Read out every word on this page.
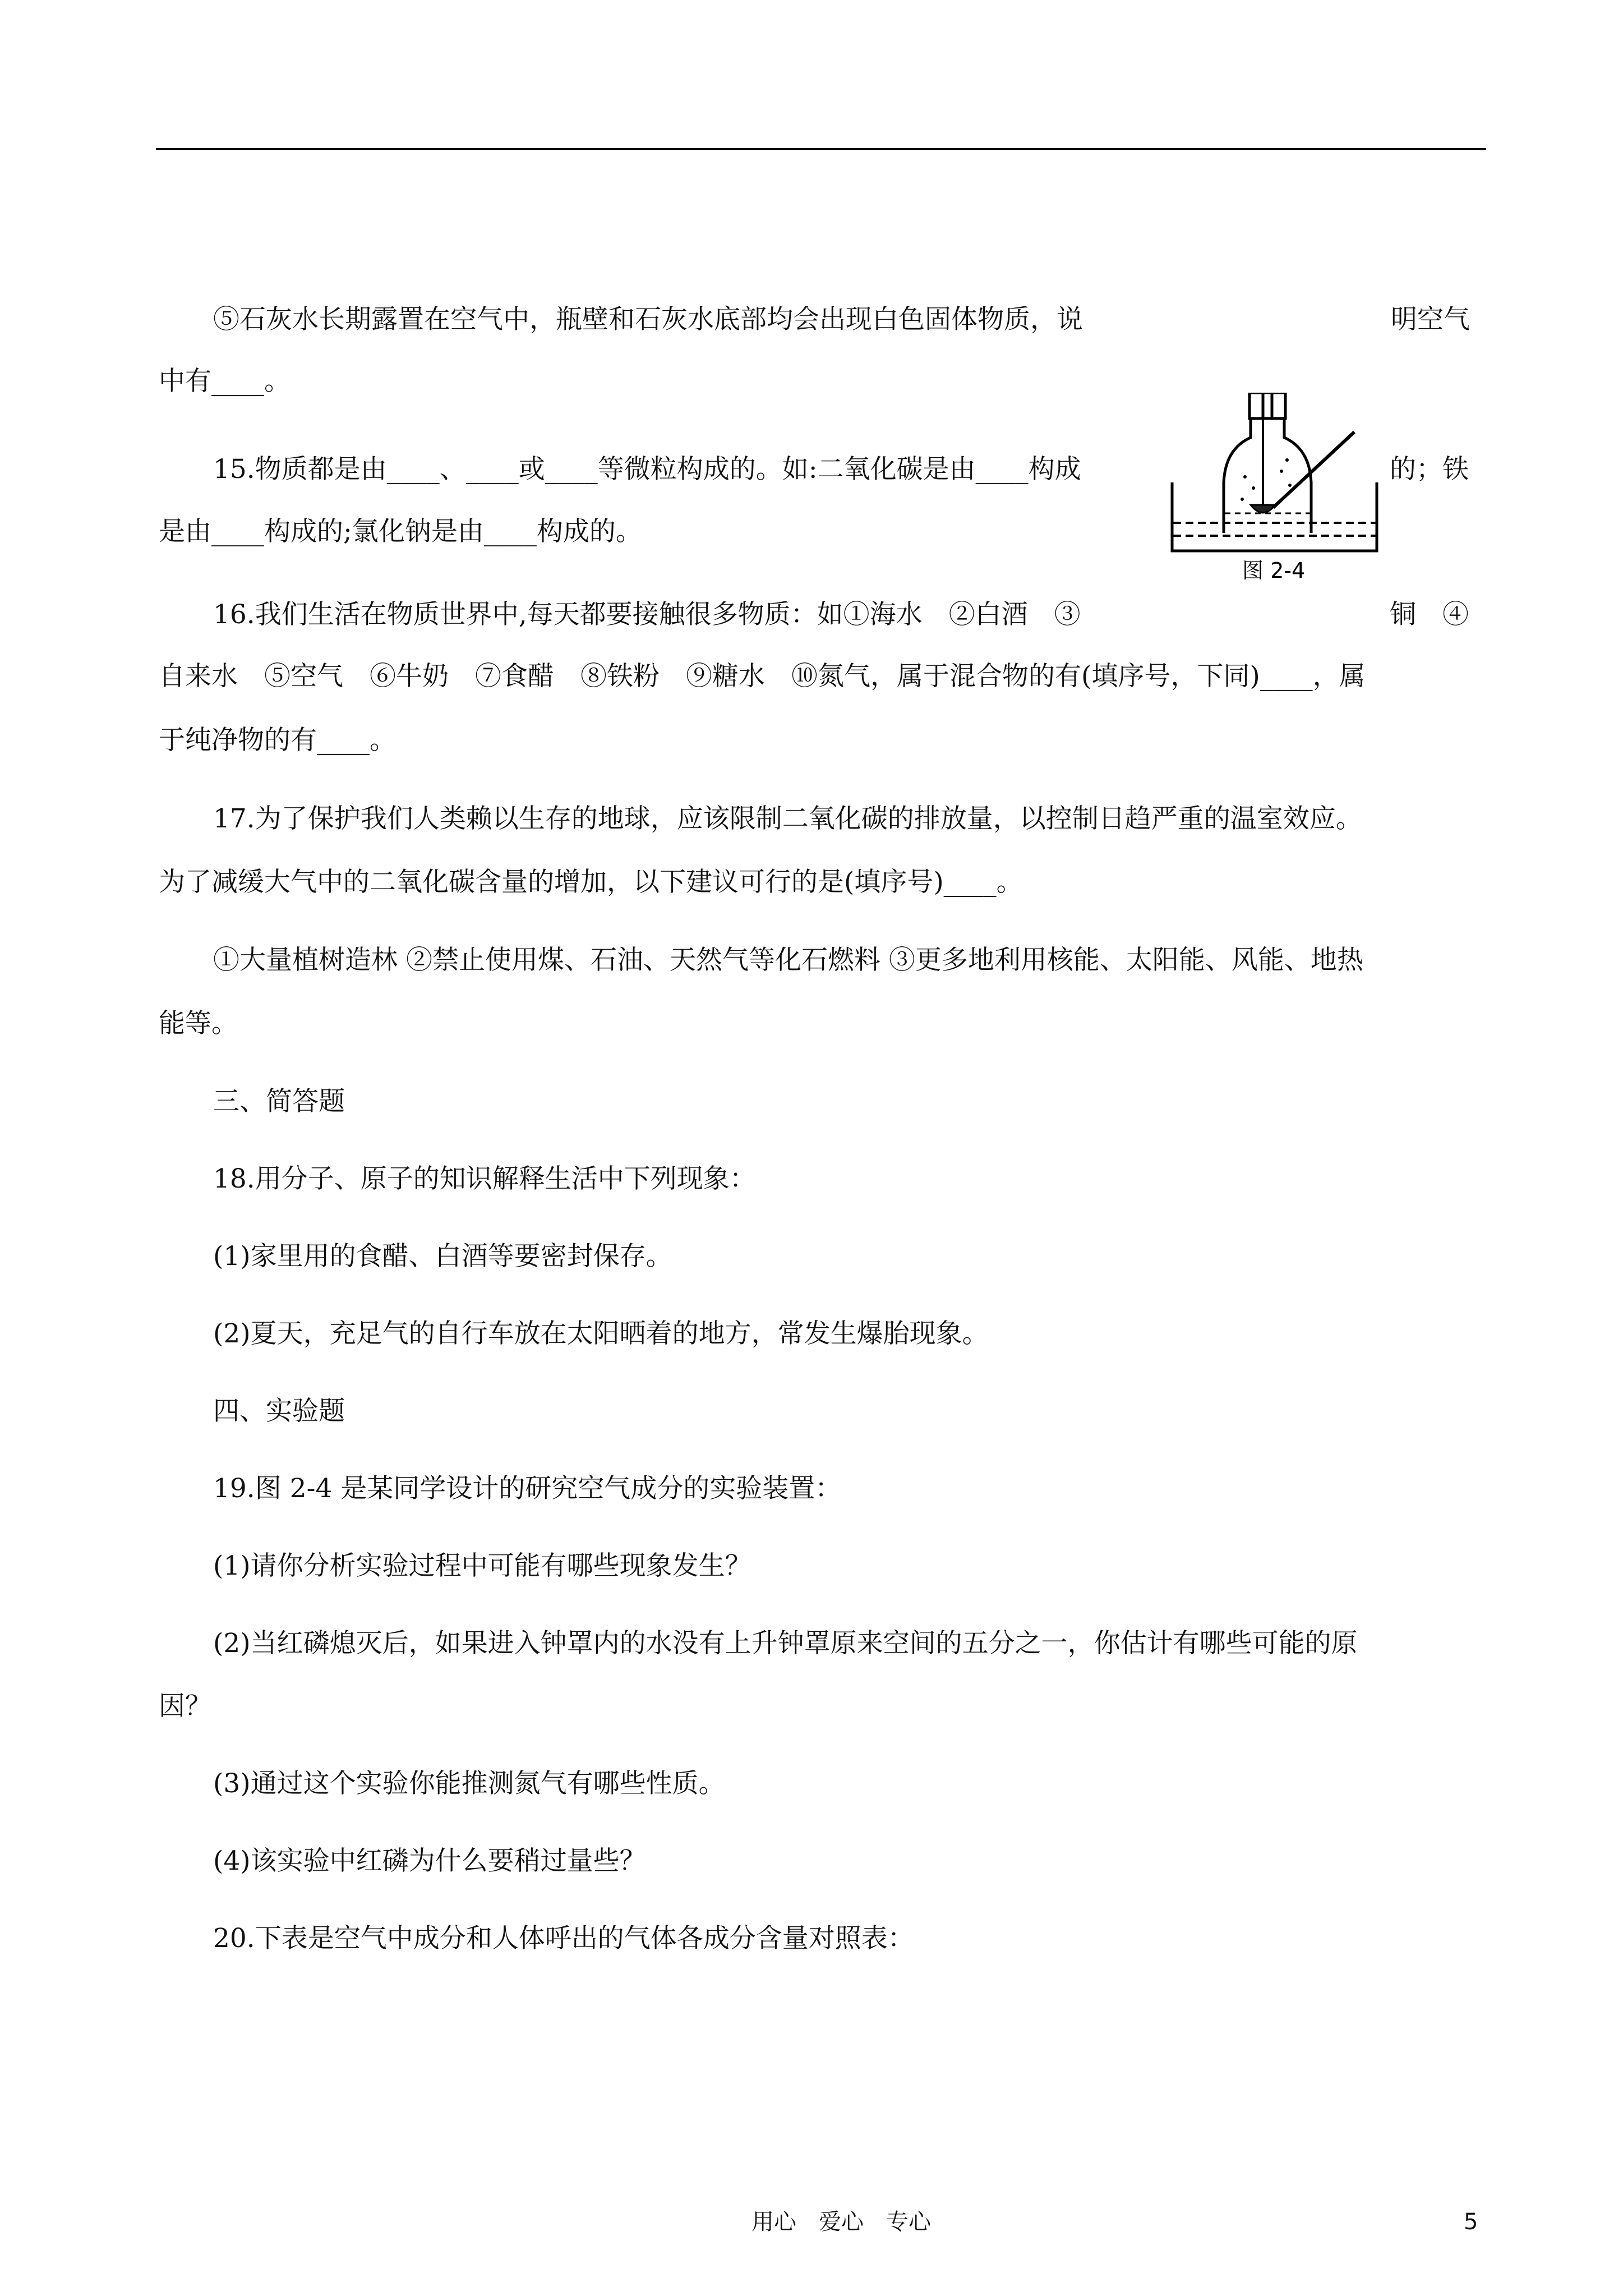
⑤石灰水长期露置在空气中，瓶壁和石灰水底部均会出现白色固体物质，说	明空气
中有____。
15.物质都是由____、____或____等微粒构成的。如:二氧化碳是由____构成	的；铁
是由____构成的;氯化钠是由____构成的。
16.我们生活在物质世界中,每天都要接触很多物质：如①海水　②白酒　③	铜　④
自来水　⑤空气　⑥牛奶　⑦食醋　⑧铁粉　⑨糖水　⑩氮气，属于混合物的有(填序号，下同)____，属
于纯净物的有____。
17.为了保护我们人类赖以生存的地球，应该限制二氧化碳的排放量，以控制日趋严重的温室效应。
为了减缓大气中的二氧化碳含量的增加，以下建议可行的是(填序号)____。
①大量植树造林 ②禁止使用煤、石油、天然气等化石燃料 ③更多地利用核能、太阳能、风能、地热
能等。
三、简答题
18.用分子、原子的知识解释生活中下列现象：
(1)家里用的食醋、白酒等要密封保存。
(2)夏天，充足气的自行车放在太阳晒着的地方，常发生爆胎现象。
四、实验题
19.图 2-4 是某同学设计的研究空气成分的实验装置：
(1)请你分析实验过程中可能有哪些现象发生？
(2)当红磷熄灭后，如果进入钟罩内的水没有上升钟罩原来空间的五分之一，你估计有哪些可能的原
因？
(3)通过这个实验你能推测氮气有哪些性质。
(4)该实验中红磷为什么要稍过量些？
20.下表是空气中成分和人体呼出的气体各成分含量对照表：
图 2-4
用心　爱心　专心	5
